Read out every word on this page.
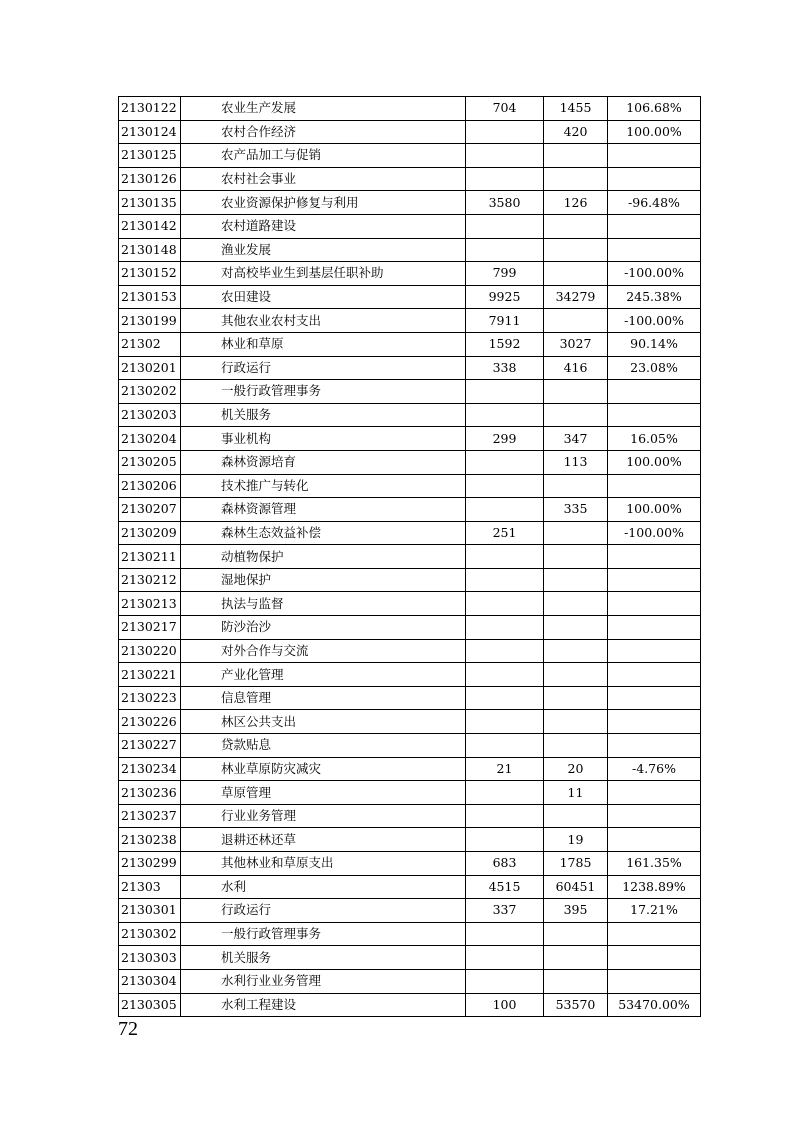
2130122	农业生产发展	704	1455	106.68%
2130124	农村合作经济		420	100.00%
2130125	农产品加工与促销			
2130126	农村社会事业			
2130135	农业资源保护修复与利用	3580	126	-96.48%
2130142	农村道路建设			
2130148	渔业发展			
2130152	对高校毕业生到基层任职补助	799		-100.00%
2130153	农田建设	9925	34279	245.38%
2130199	其他农业农村支出	7911		-100.00%
21302	林业和草原	1592	3027	90.14%
2130201	行政运行	338	416	23.08%
2130202	一般行政管理事务			
2130203	机关服务			
2130204	事业机构	299	347	16.05%
2130205	森林资源培育		113	100.00%
2130206	技术推广与转化			
2130207	森林资源管理		335	100.00%
2130209	森林生态效益补偿	251		-100.00%
2130211	动植物保护			
2130212	湿地保护			
2130213	执法与监督			
2130217	防沙治沙			
2130220	对外合作与交流			
2130221	产业化管理			
2130223	信息管理			
2130226	林区公共支出			
2130227	贷款贴息			
2130234	林业草原防灾减灾	21	20	-4.76%
2130236	草原管理		11	
2130237	行业业务管理			
2130238	退耕还林还草		19	
2130299	其他林业和草原支出	683	1785	161.35%
21303	水利	4515	60451	1238.89%
2130301	行政运行	337	395	17.21%
2130302	一般行政管理事务			
2130303	机关服务			
2130304	水利行业业务管理			
2130305	水利工程建设	100	53570	53470.00%
72
